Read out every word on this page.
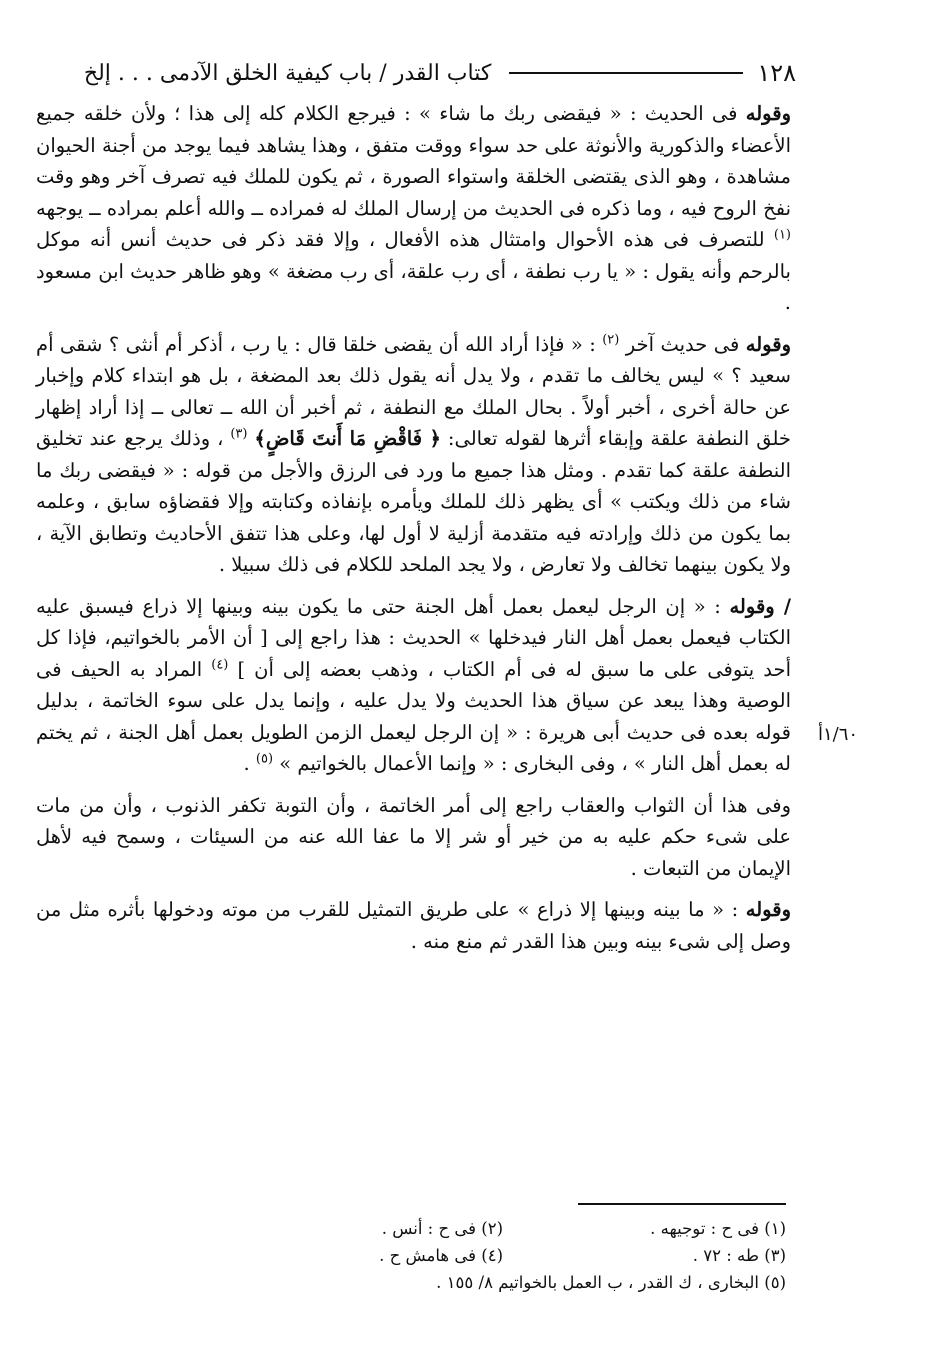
١٢٨
كتاب القدر / باب كيفية الخلق الآدمى . . . إلخ
١/٦٠أ

وقوله فى الحديث : « فيقضى ربك ما شاء » : فيرجع الكلام كله إلى هذا ؛ ولأن خلقه جميع الأعضاء والذكورية والأنوثة على حد سواء ووقت متفق ، وهذا يشاهد فيما يوجد من أجنة الحيوان مشاهدة ، وهو الذى يقتضى الخلقة واستواء الصورة ، ثم يكون للملك فيه تصرف آخر وهو وقت نفخ الروح فيه ، وما ذكره فى الحديث من إرسال الملك له فمراده ــ والله أعلم بمراده ــ يوجهه $^{(١)}$ للتصرف فى هذه الأحوال وامتثال هذه الأفعال ، وإلا فقد ذكر فى حديث أنس أنه موكل بالرحم وأنه يقول : « يا رب نطفة ، أى رب علقة، أى رب مضغة » وهو ظاهر حديث ابن مسعود .

وقوله فى حديث آخر $^{(٢)}$ : « فإذا أراد الله أن يقضى خلقا قال : يا رب ، أذكر أم أنثى ؟ شقى أم سعيد ؟ » ليس يخالف ما تقدم ، ولا يدل أنه يقول ذلك بعد المضغة ، بل هو ابتداء كلام وإخبار عن حالة أخرى ، أخبر أولاً . بحال الملك مع النطفة ، ثم أخبر أن الله ــ تعالى ــ إذا أراد إظهار خلق النطفة علقة وإبقاء أثرها لقوله تعالى: ﴿ فَاقْضِ مَا أَنتَ قَاضٍ﴾ $^{(٣)}$ ، وذلك يرجع عند تخليق النطفة علقة كما تقدم . ومثل هذا جميع ما ورد فى الرزق والأجل من قوله : « فيقضى ربك ما شاء من ذلك ويكتب » أى يظهر ذلك للملك ويأمره بإنفاذه وكتابته وإلا فقضاؤه سابق ، وعلمه بما يكون من ذلك وإرادته فيه متقدمة أزلية لا أول لها، وعلى هذا تتفق الأحاديث وتطابق الآية ، ولا يكون بينهما تخالف ولا تعارض ، ولا يجد الملحد للكلام فى ذلك سبيلا .

/ وقوله : « إن الرجل ليعمل بعمل أهل الجنة حتى ما يكون بينه وبينها إلا ذراع فيسبق عليه الكتاب فيعمل بعمل أهل النار فيدخلها » الحديث : هذا راجع إلى [ أن الأمر بالخواتيم، فإذا كل أحد يتوفى على ما سبق له فى أم الكتاب ، وذهب بعضه إلى أن ] $^{(٤)}$ المراد به الحيف فى الوصية وهذا يبعد عن سياق هذا الحديث ولا يدل عليه ، وإنما يدل على سوء الخاتمة ، بدليل قوله بعده فى حديث أبى هريرة : « إن الرجل ليعمل الزمن الطويل بعمل أهل الجنة ، ثم يختم له بعمل أهل النار » ، وفى البخارى : « وإنما الأعمال بالخواتيم » $^{(٥)}$ .

وفى هذا أن الثواب والعقاب راجع إلى أمر الخاتمة ، وأن التوبة تكفر الذنوب ، وأن من مات على شىء حكم عليه به من خير أو شر إلا ما عفا الله عنه من السيئات ، وسمح فيه لأهل الإيمان من التبعات .

وقوله : « ما بينه وبينها إلا ذراع » على طريق التمثيل للقرب من موته ودخولها بأثره مثل من وصل إلى شىء بينه وبين هذا القدر ثم منع منه .

(١) فى ح : توجيهه .
(٢) فى ح : أنس .
(٣) طه : ٧٢ .
(٤) فى هامش ح .
(٥) البخارى ، ك القدر ، ب العمل بالخواتيم ٨/ ١٥٥ .
